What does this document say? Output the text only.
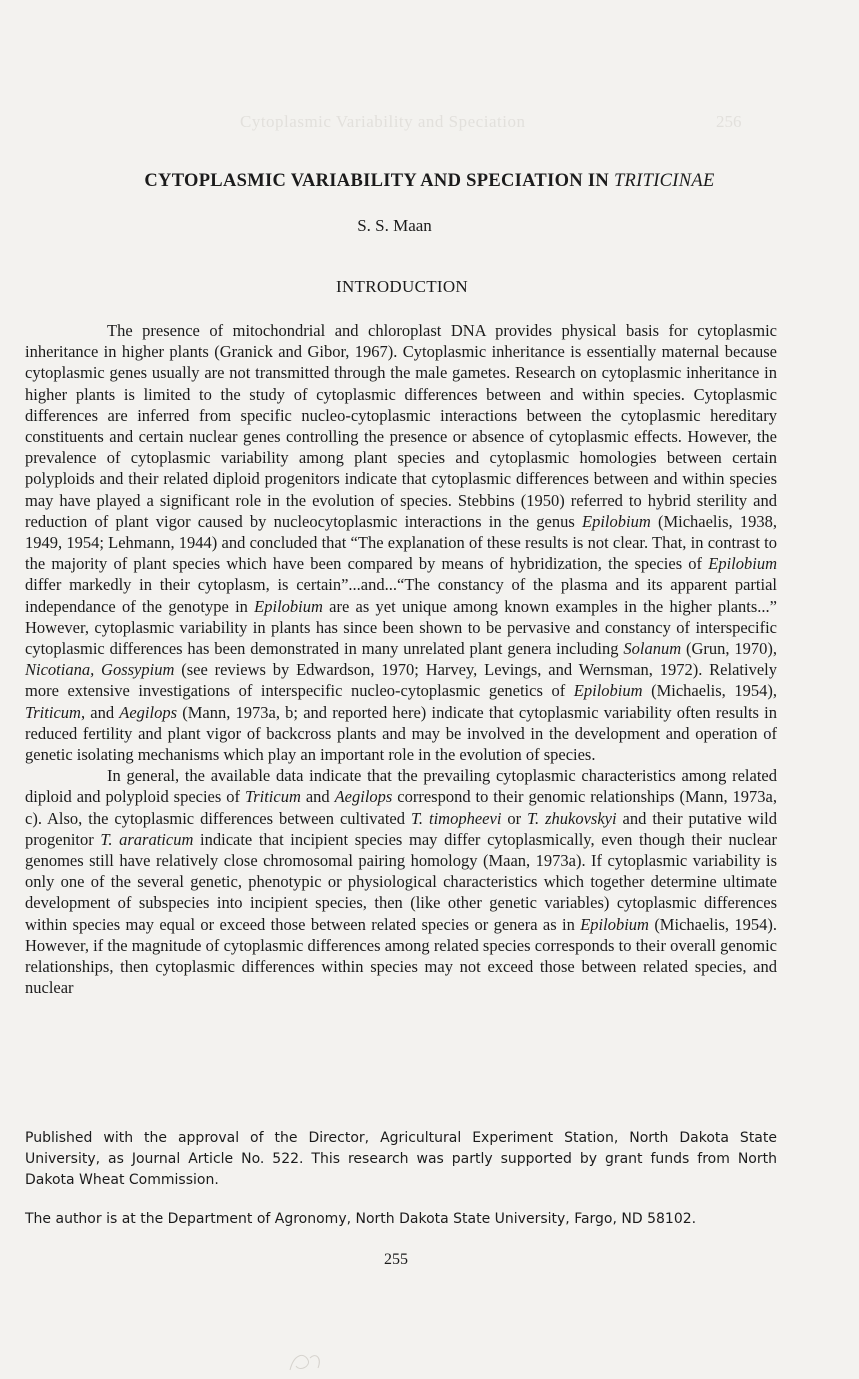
Cytoplasmic Variability and Speciation	256
CYTOPLASMIC VARIABILITY AND SPECIATION IN TRITICINAE
S. S. Maan
INTRODUCTION

The presence of mitochondrial and chloroplast DNA provides physical basis for cytoplasmic inheritance in higher plants (Granick and Gibor, 1967). Cytoplasmic inheritance is essentially maternal because cytoplasmic genes usually are not transmitted through the male gametes. Research on cytoplasmic inheritance in higher plants is limited to the study of cytoplasmic differences between and within species. Cytoplasmic differences are inferred from specific nucleo-cytoplasmic interactions between the cytoplasmic hereditary constituents and certain nuclear genes controlling the presence or absence of cytoplasmic effects. However, the prevalence of cytoplasmic variability among plant species and cytoplasmic homologies between certain polyploids and their related diploid progenitors indicate that cytoplasmic differences between and within species may have played a significant role in the evolution of species. Stebbins (1950) referred to hybrid sterility and reduction of plant vigor caused by nucleocytoplasmic interactions in the genus Epilobium (Michaelis, 1938, 1949, 1954; Lehmann, 1944) and concluded that “The explanation of these results is not clear. That, in contrast to the majority of plant species which have been compared by means of hybridization, the species of Epilobium differ markedly in their cytoplasm, is certain”...and...“The constancy of the plasma and its apparent partial independance of the genotype in Epilobium are as yet unique among known examples in the higher plants...” However, cytoplasmic variability in plants has since been shown to be pervasive and constancy of interspecific cytoplasmic differences has been demonstrated in many unrelated plant genera including Solanum (Grun, 1970), Nicotiana, Gossypium (see reviews by Edwardson, 1970; Harvey, Levings, and Wernsman, 1972). Relatively more extensive investigations of interspecific nucleo-cytoplasmic genetics of Epilobium (Michaelis, 1954), Triticum, and Aegilops (Mann, 1973a, b; and reported here) indicate that cytoplasmic variability often results in reduced fertility and plant vigor of backcross plants and may be involved in the development and operation of genetic isolating mechanisms which play an important role in the evolution of species.

In general, the available data indicate that the prevailing cytoplasmic characteristics among related diploid and polyploid species of Triticum and Aegilops correspond to their genomic relationships (Mann, 1973a, c). Also, the cytoplasmic differences between cultivated T. timopheevi or T. zhukovskyi and their putative wild progenitor T. araraticum indicate that incipient species may differ cytoplasmically, even though their nuclear genomes still have relatively close chromosomal pairing homology (Maan, 1973a). If cytoplasmic variability is only one of the several genetic, phenotypic or physiological characteristics which together determine ultimate development of subspecies into incipient species, then (like other genetic variables) cytoplasmic differences within species may equal or exceed those between related species or genera as in Epilobium (Michaelis, 1954). However, if the magnitude of cytoplasmic differences among related species corresponds to their overall genomic relationships, then cytoplasmic differences within species may not exceed those between related species, and nuclear

Published with the approval of the Director, Agricultural Experiment Station, North Dakota State University, as Journal Article No. 522. This research was partly supported by grant funds from North Dakota Wheat Commission.

The author is at the Department of Agronomy, North Dakota State University, Fargo, ND 58102.

255
